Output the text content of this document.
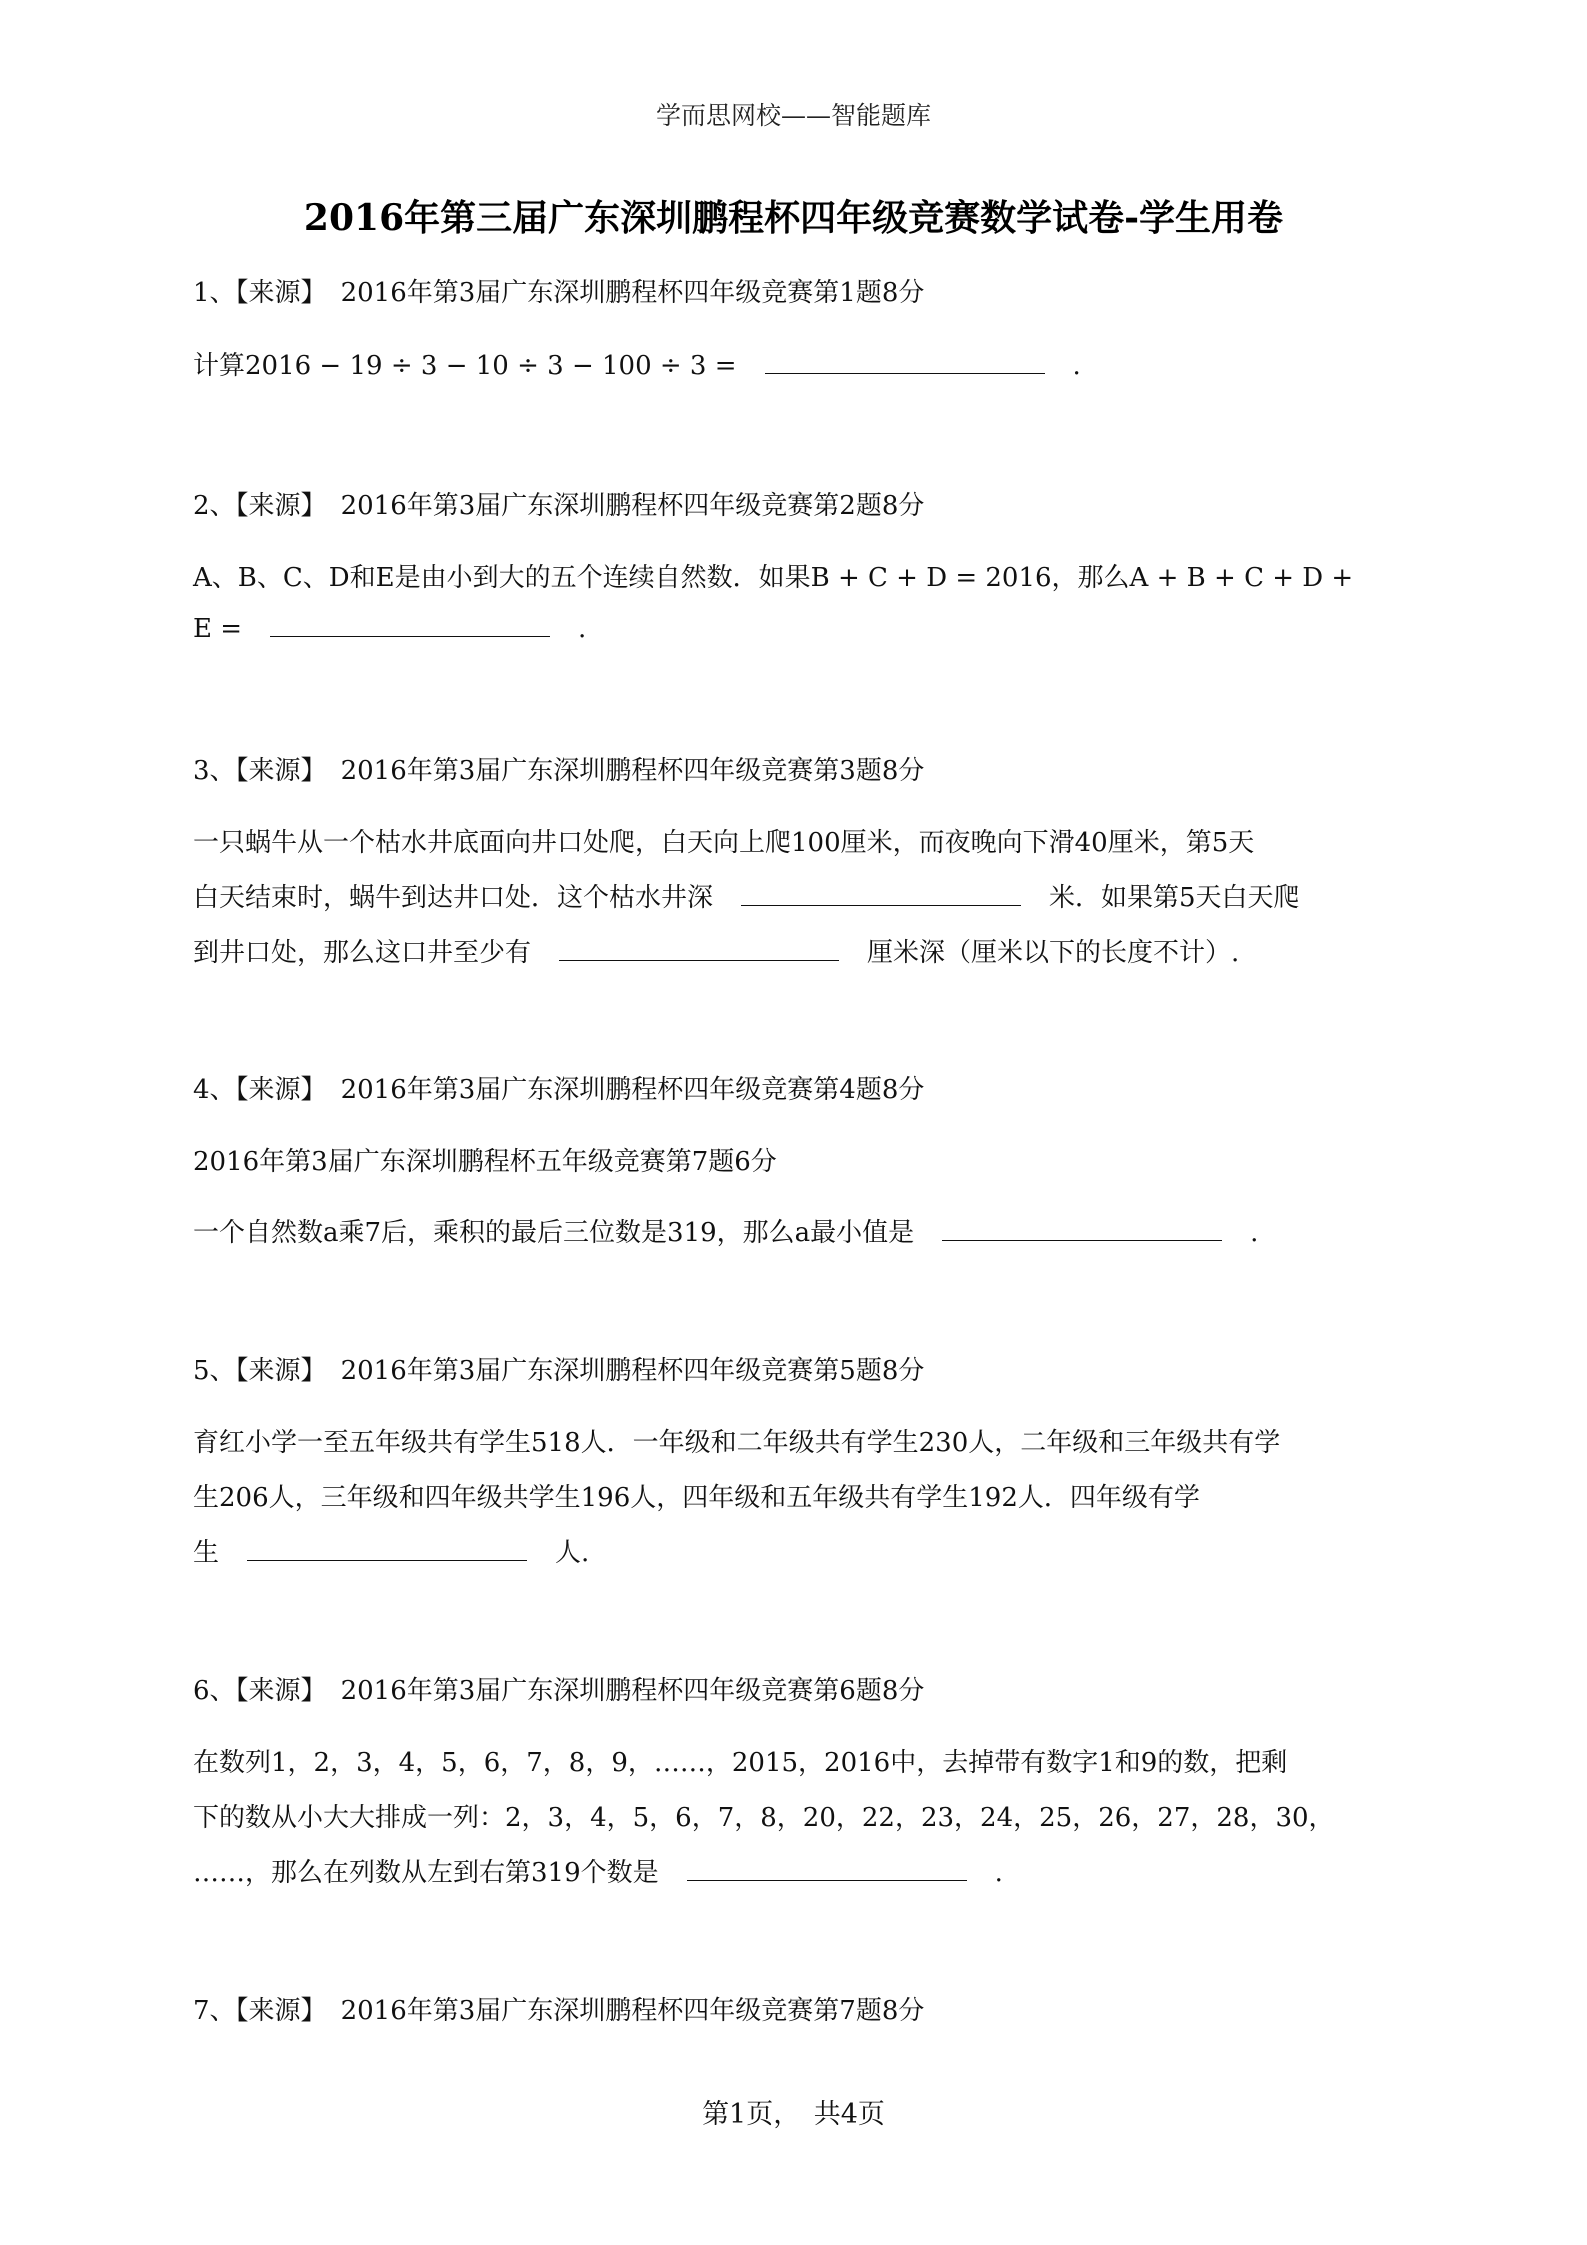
学而思网校——智能题库
2016年第三届广东深圳鹏程杯四年级竞赛数学试卷-学生用卷
1、【来源】 2016年第3届广东深圳鹏程杯四年级竞赛第1题8分
计算2016 − 19 ÷ 3 − 10 ÷ 3 − 100 ÷ 3 =	.
2、【来源】 2016年第3届广东深圳鹏程杯四年级竞赛第2题8分
A、B、C、D和E是由小到大的五个连续自然数．如果B + C + D = 2016，那么A + B + C + D +
E =	.
3、【来源】 2016年第3届广东深圳鹏程杯四年级竞赛第3题8分
一只蜗牛从一个枯水井底面向井口处爬，白天向上爬100厘米，而夜晚向下滑40厘米，第5天
白天结束时，蜗牛到达井口处．这个枯水井深	米．如果第5天白天爬
到井口处，那么这口井至少有	厘米深（厘米以下的长度不计）.
4、【来源】 2016年第3届广东深圳鹏程杯四年级竞赛第4题8分
2016年第3届广东深圳鹏程杯五年级竞赛第7题6分
一个自然数a乘7后，乘积的最后三位数是319，那么a最小值是	.
5、【来源】 2016年第3届广东深圳鹏程杯四年级竞赛第5题8分
育红小学一至五年级共有学生518人．一年级和二年级共有学生230人，二年级和三年级共有学
生206人，三年级和四年级共学生196人，四年级和五年级共有学生192人．四年级有学
生	人.
6、【来源】 2016年第3届广东深圳鹏程杯四年级竞赛第6题8分
在数列1，2，3，4，5，6，7，8，9，……，2015，2016中，去掉带有数字1和9的数，把剩
下的数从小大大排成一列：2，3，4，5，6，7，8，20，22，23，24，25，26，27，28，30，
……，那么在列数从左到右第319个数是	.
7、【来源】 2016年第3届广东深圳鹏程杯四年级竞赛第7题8分
第1页，　共4页
